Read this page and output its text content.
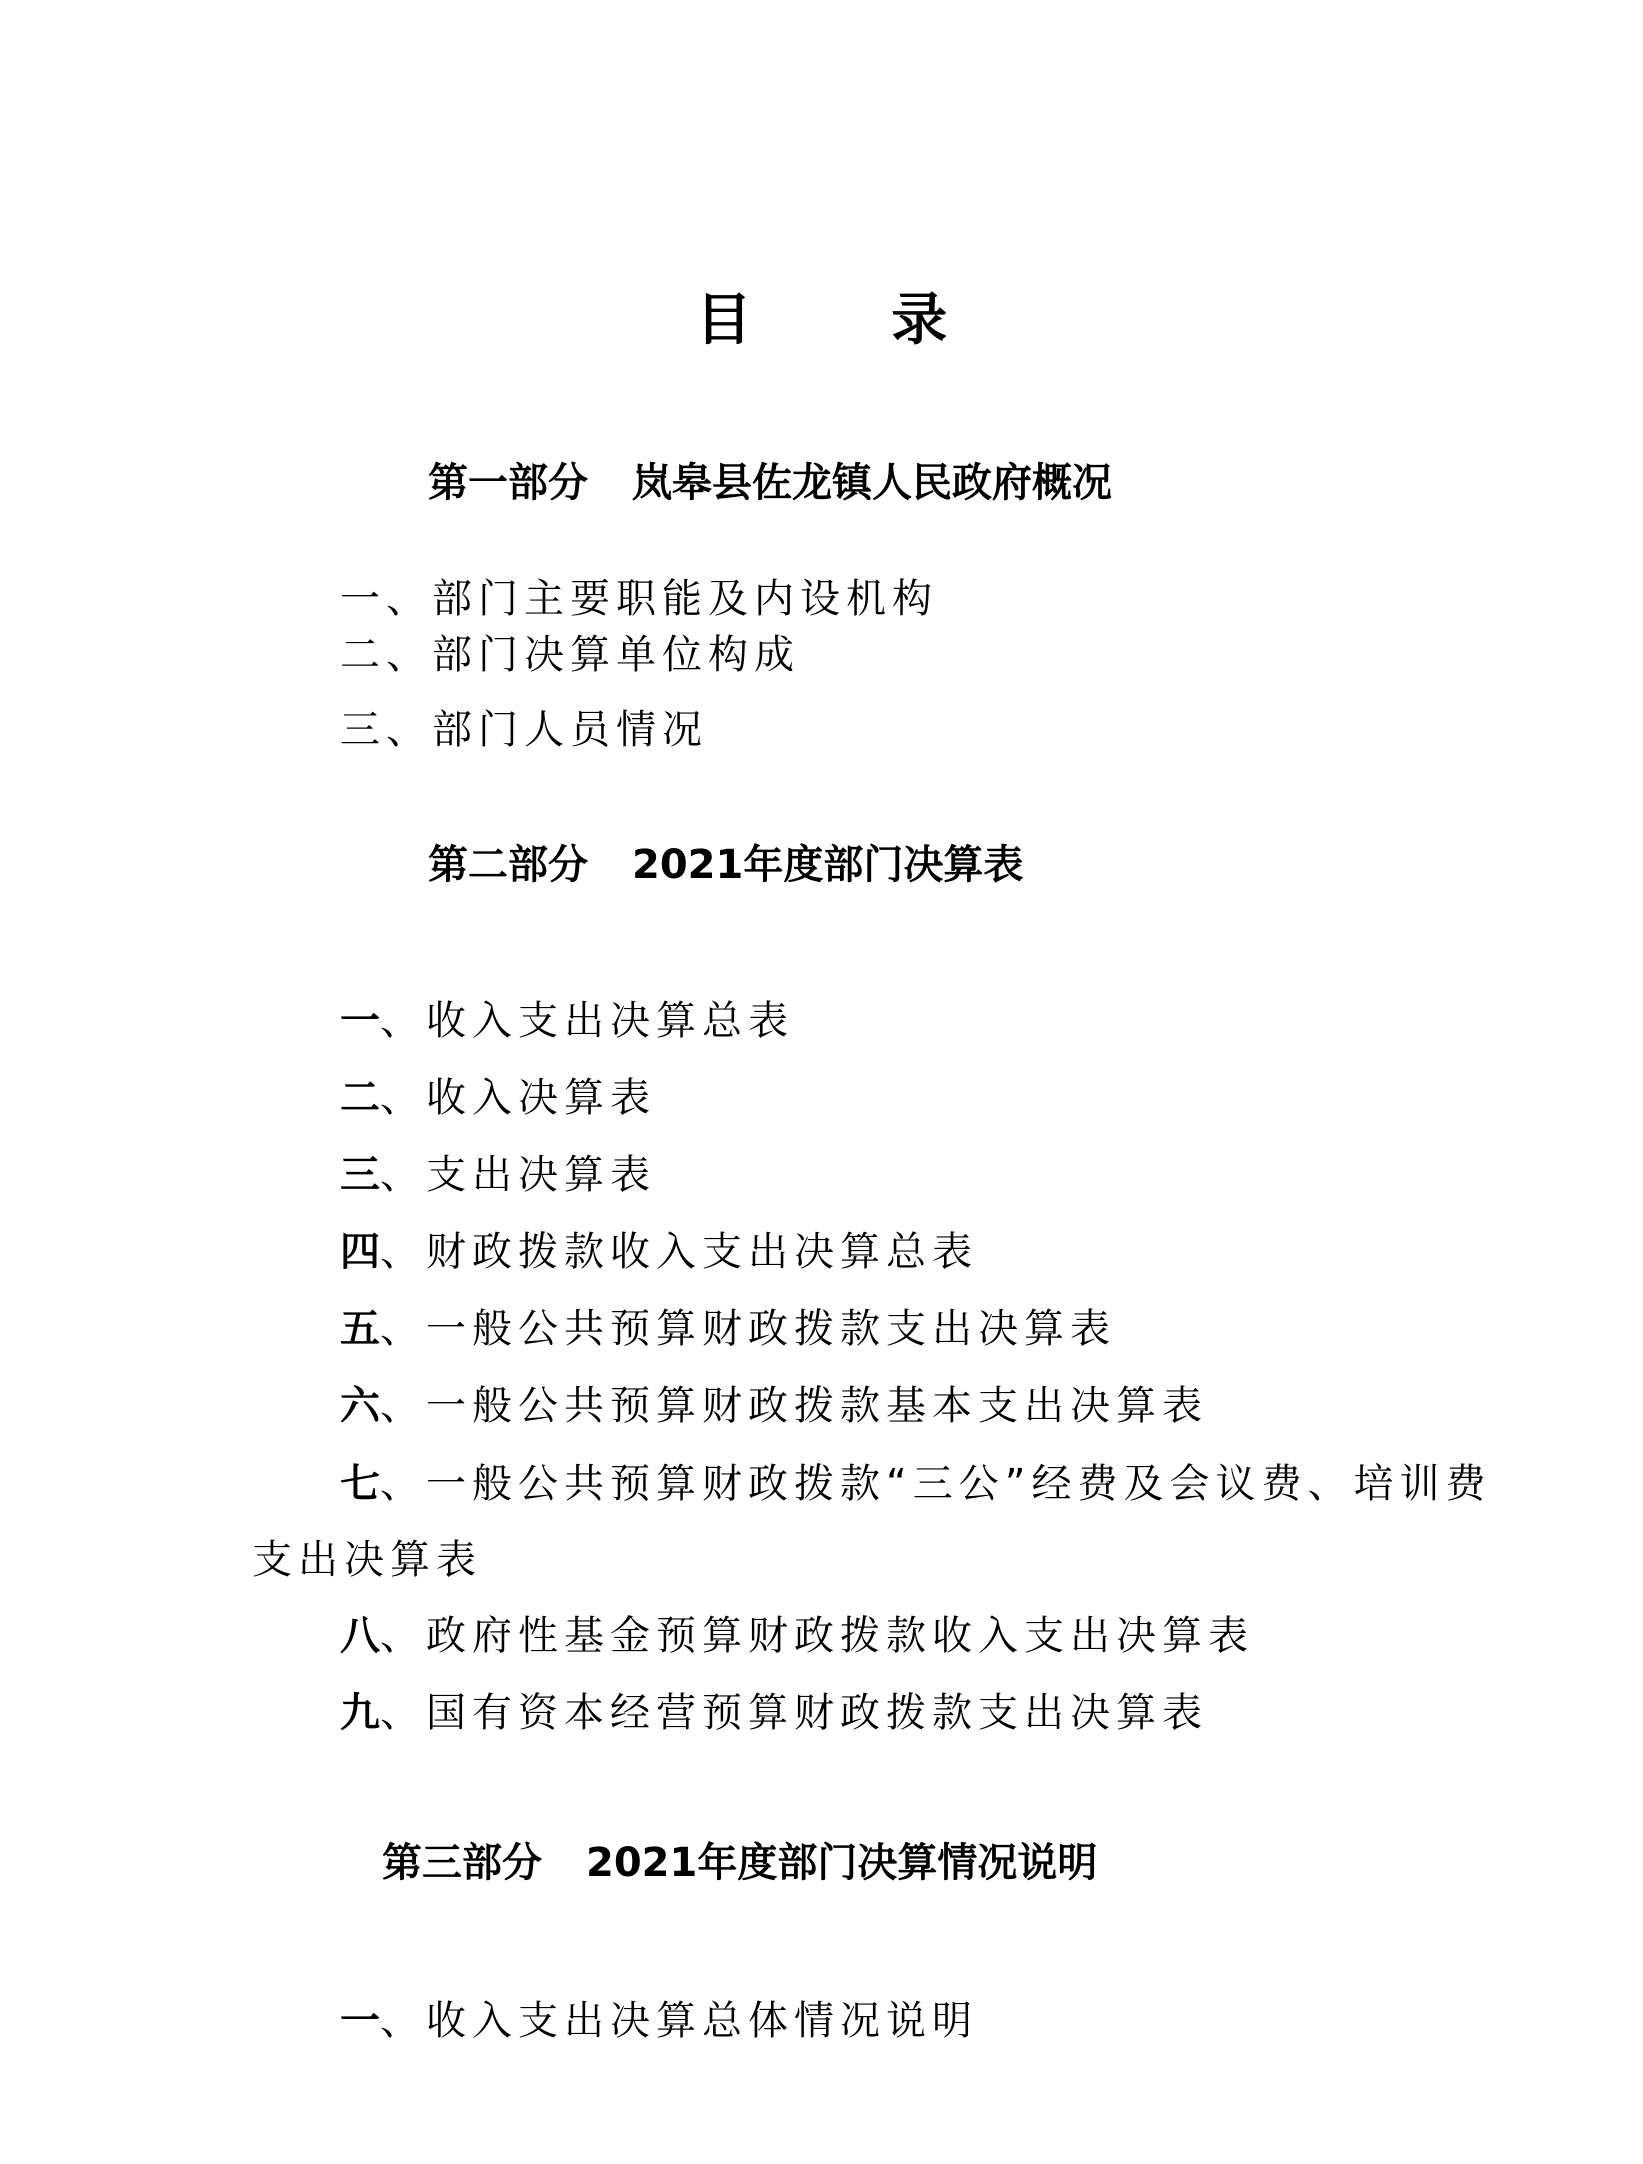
目 录
第一部分 岚皋县佐龙镇人民政府概况
一、部门主要职能及内设机构
二、部门决算单位构成
三、部门人员情况
第二部分 2021年度部门决算表
一、收入支出决算总表
二、收入决算表
三、支出决算表
四、财政拨款收入支出决算总表
五、一般公共预算财政拨款支出决算表
六、一般公共预算财政拨款基本支出决算表
七、一般公共预算财政拨款“三公”经费及会议费、培训费支出决算表
八、政府性基金预算财政拨款收入支出决算表
九、国有资本经营预算财政拨款支出决算表
第三部分 2021年度部门决算情况说明
一、收入支出决算总体情况说明
